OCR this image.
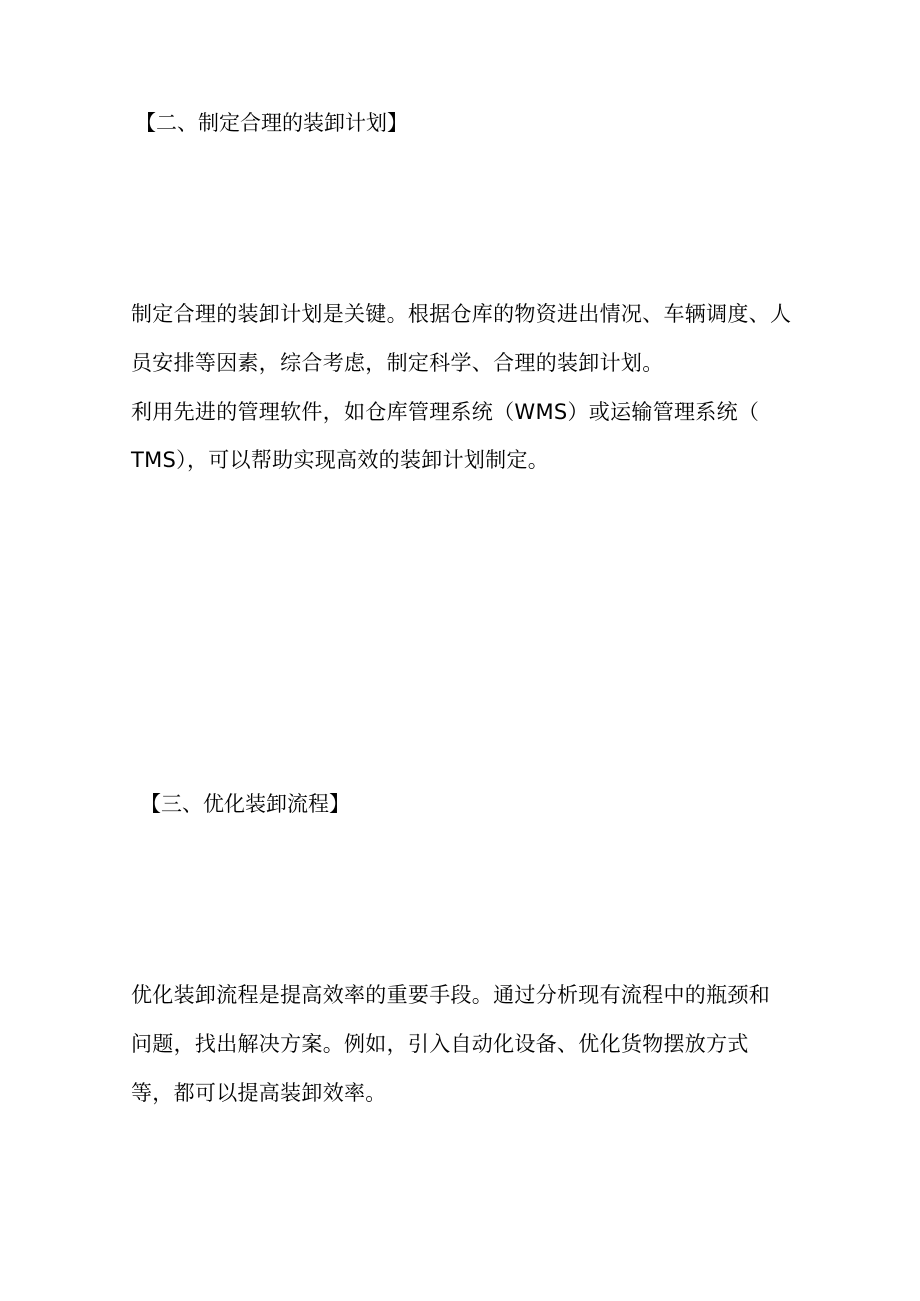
【二、制定合理的装卸计划】

制定合理的装卸计划是关键。根据仓库的物资进出情况、车辆调度、人

员安排等因素，综合考虑，制定科学、合理的装卸计划。

利用先进的管理软件，如仓库管理系统（WMS）或运输管理系统（

TMS），可以帮助实现高效的装卸计划制定。

【三、优化装卸流程】

优化装卸流程是提高效率的重要手段。通过分析现有流程中的瓶颈和

问题，找出解决方案。例如，引入自动化设备、优化货物摆放方式

等，都可以提高装卸效率。
